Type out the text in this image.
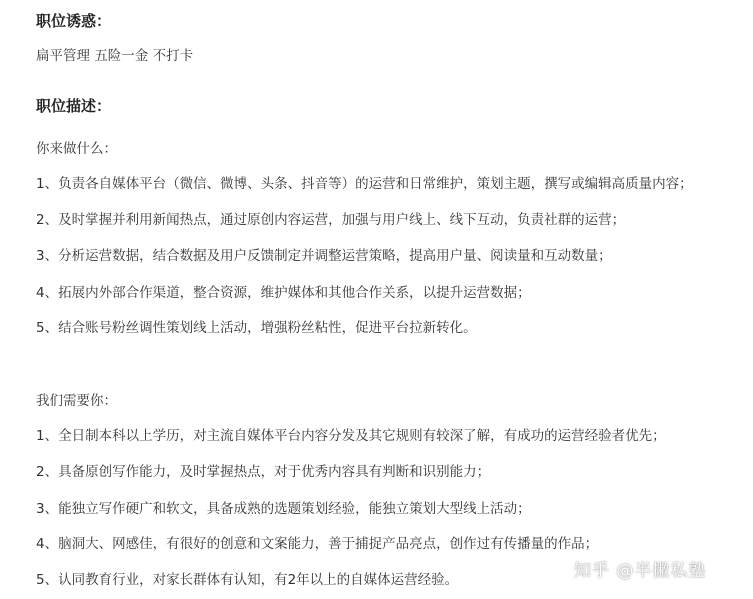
职位诱惑：
扁平管理 五险一金 不打卡
职位描述：
你来做什么：
1、负责各自媒体平台（微信、微博、头条、抖音等）的运营和日常维护，策划主题，撰写或编辑高质量内容；
2、及时掌握并利用新闻热点，通过原创内容运营，加强与用户线上、线下互动，负责社群的运营；
3、分析运营数据，结合数据及用户反馈制定并调整运营策略，提高用户量、阅读量和互动数量；
4、拓展内外部合作渠道，整合资源，维护媒体和其他合作关系，以提升运营数据；
5、结合账号粉丝调性策划线上活动，增强粉丝粘性，促进平台拉新转化。
我们需要你：
1、全日制本科以上学历，对主流自媒体平台内容分发及其它规则有较深了解，有成功的运营经验者优先；
2、具备原创写作能力，及时掌握热点，对于优秀内容具有判断和识别能力；
3、能独立写作硬广和软文，具备成熟的选题策划经验，能独立策划大型线上活动；
4、脑洞大、网感佳，有很好的创意和文案能力，善于捕捉产品亮点，创作过有传播量的作品；
5、认同教育行业，对家长群体有认知，有2年以上的自媒体运营经验。	知乎 @半撇私塾
